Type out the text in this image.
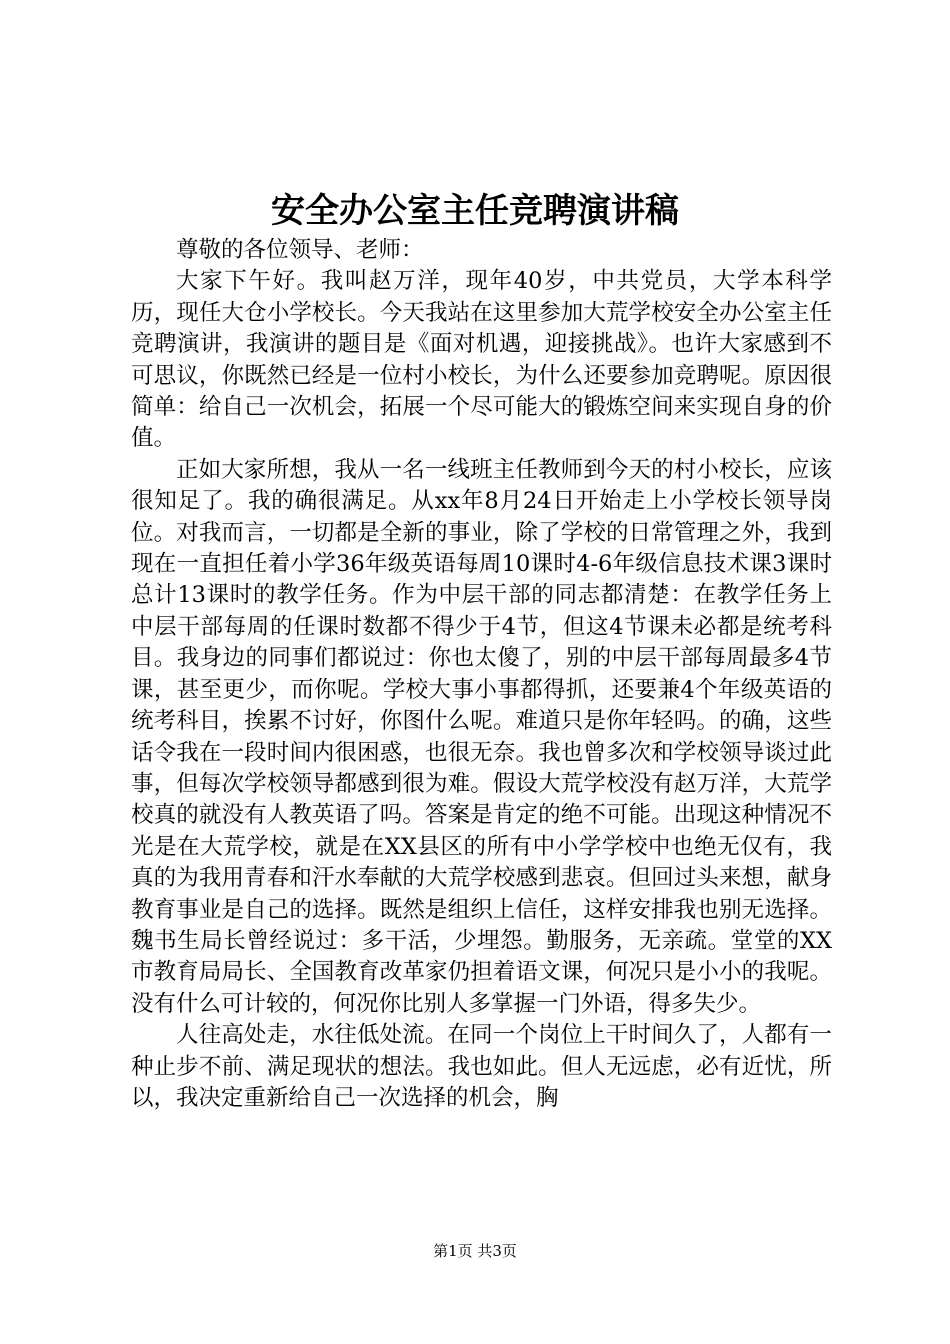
安全办公室主任竞聘演讲稿

尊敬的各位领导、老师：

大家下午好。我叫赵万洋，现年40岁，中共党员，大学本科学历，现任大仓小学校长。今天我站在这里参加大荒学校安全办公室主任竞聘演讲，我演讲的题目是《面对机遇，迎接挑战》。也许大家感到不可思议，你既然已经是一位村小校长，为什么还要参加竞聘呢。原因很简单：给自己一次机会，拓展一个尽可能大的锻炼空间来实现自身的价值。

正如大家所想，我从一名一线班主任教师到今天的村小校长，应该很知足了。我的确很满足。从xx年8月24日开始走上小学校长领导岗位。对我而言，一切都是全新的事业，除了学校的日常管理之外，我到现在一直担任着小学36年级英语每周10课时4-6年级信息技术课3课时总计13课时的教学任务。作为中层干部的同志都清楚：在教学任务上中层干部每周的任课时数都不得少于4节，但这4节课未必都是统考科目。我身边的同事们都说过：你也太傻了，别的中层干部每周最多4节课，甚至更少，而你呢。学校大事小事都得抓，还要兼4个年级英语的统考科目，挨累不讨好，你图什么呢。难道只是你年轻吗。的确，这些话令我在一段时间内很困惑，也很无奈。我也曾多次和学校领导谈过此事，但每次学校领导都感到很为难。假设大荒学校没有赵万洋，大荒学校真的就没有人教英语了吗。答案是肯定的绝不可能。出现这种情况不光是在大荒学校，就是在XX县区的所有中小学学校中也绝无仅有，我真的为我用青春和汗水奉献的大荒学校感到悲哀。但回过头来想，献身教育事业是自己的选择。既然是组织上信任，这样安排我也别无选择。魏书生局长曾经说过：多干活，少埋怨。勤服务，无亲疏。堂堂的XX市教育局局长、全国教育改革家仍担着语文课，何况只是小小的我呢。没有什么可计较的，何况你比别人多掌握一门外语，得多失少。

人往高处走，水往低处流。在同一个岗位上干时间久了，人都有一种止步不前、满足现状的想法。我也如此。但人无远虑，必有近忧，所以，我决定重新给自己一次选择的机会，胸

第1页 共3页
